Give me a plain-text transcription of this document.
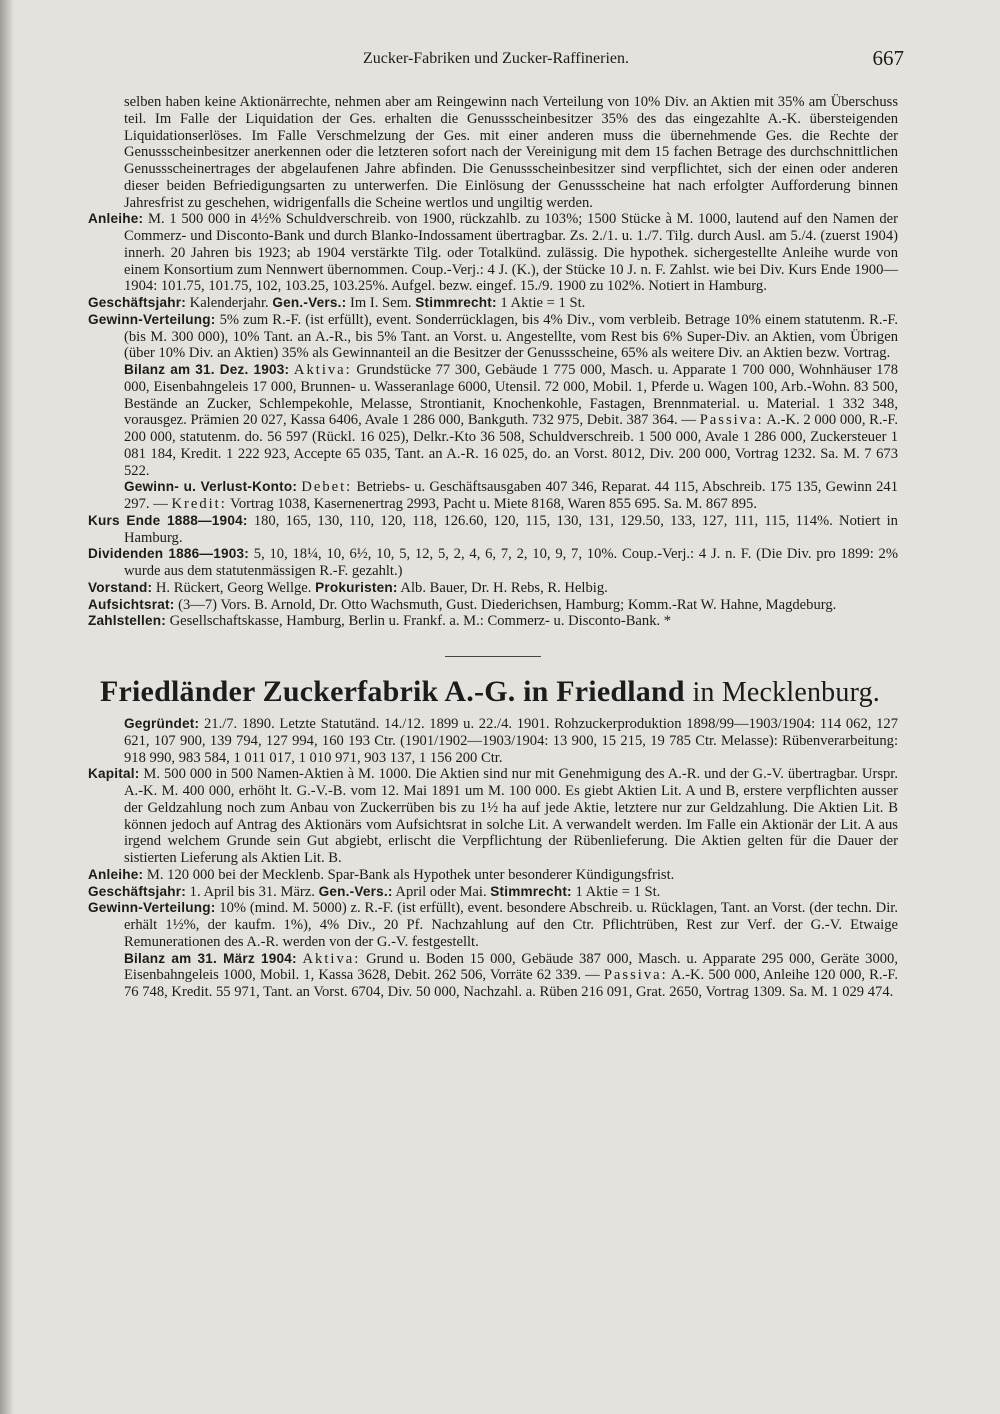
Zucker-Fabriken und Zucker-Raffinerien.	667

selben haben keine Aktionärrechte, nehmen aber am Reingewinn nach Verteilung von 10% Div. an Aktien mit 35% am Überschuss teil. Im Falle der Liquidation der Ges. erhalten die Genussscheinbesitzer 35% des das eingezahlte A.-K. übersteigenden Liquidationserlöses. Im Falle Verschmelzung der Ges. mit einer anderen muss die übernehmende Ges. die Rechte der Genussscheinbesitzer anerkennen oder die letzteren sofort nach der Vereinigung mit dem 15 fachen Betrage des durchschnittlichen Genussscheinertrages der abgelaufenen Jahre abfinden. Die Genussscheinbesitzer sind verpflichtet, sich der einen oder anderen dieser beiden Befriedigungsarten zu unterwerfen. Die Einlösung der Genussscheine hat nach erfolgter Aufforderung binnen Jahresfrist zu geschehen, widrigenfalls die Scheine wertlos und ungiltig werden.

Anleihe: M. 1 500 000 in 4½% Schuldverschreib. von 1900, rückzahlb. zu 103%; 1500 Stücke à M. 1000, lautend auf den Namen der Commerz- und Disconto-Bank und durch Blanko-Indossament übertragbar. Zs. 2./1. u. 1./7. Tilg. durch Ausl. am 5./4. (zuerst 1904) innerh. 20 Jahren bis 1923; ab 1904 verstärkte Tilg. oder Totalkünd. zulässig. Die hypothek. sichergestellte Anleihe wurde von einem Konsortium zum Nennwert übernommen. Coup.-Verj.: 4 J. (K.), der Stücke 10 J. n. F. Zahlst. wie bei Div. Kurs Ende 1900—1904: 101.75, 101.75, 102, 103.25, 103.25%. Aufgel. bezw. eingef. 15./9. 1900 zu 102%. Notiert in Hamburg.

Geschäftsjahr: Kalenderjahr. Gen.-Vers.: Im I. Sem. Stimmrecht: 1 Aktie = 1 St.

Gewinn-Verteilung: 5% zum R.-F. (ist erfüllt), event. Sonderrücklagen, bis 4% Div., vom verbleib. Betrage 10% einem statutenm. R.-F. (bis M. 300 000), 10% Tant. an A.-R., bis 5% Tant. an Vorst. u. Angestellte, vom Rest bis 6% Super-Div. an Aktien, vom Übrigen (über 10% Div. an Aktien) 35% als Gewinnanteil an die Besitzer der Genussscheine, 65% als weitere Div. an Aktien bezw. Vortrag.

Bilanz am 31. Dez. 1903: Aktiva: Grundstücke 77 300, Gebäude 1 775 000, Masch. u. Apparate 1 700 000, Wohnhäuser 178 000, Eisenbahngeleis 17 000, Brunnen- u. Wasseranlage 6000, Utensil. 72 000, Mobil. 1, Pferde u. Wagen 100, Arb.-Wohn. 83 500, Bestände an Zucker, Schlempekohle, Melasse, Strontianit, Knochenkohle, Fastagen, Brennmaterial. u. Material. 1 332 348, vorausgez. Prämien 20 027, Kassa 6406, Avale 1 286 000, Bankguth. 732 975, Debit. 387 364. — Passiva: A.-K. 2 000 000, R.-F. 200 000, statutenm. do. 56 597 (Rückl. 16 025), Delkr.-Kto 36 508, Schuldverschreib. 1 500 000, Avale 1 286 000, Zuckersteuer 1 081 184, Kredit. 1 222 923, Accepte 65 035, Tant. an A.-R. 16 025, do. an Vorst. 8012, Div. 200 000, Vortrag 1232. Sa. M. 7 673 522.

Gewinn- u. Verlust-Konto: Debet: Betriebs- u. Geschäftsausgaben 407 346, Reparat. 44 115, Abschreib. 175 135, Gewinn 241 297. — Kredit: Vortrag 1038, Kasernenertrag 2993, Pacht u. Miete 8168, Waren 855 695. Sa. M. 867 895.

Kurs Ende 1888—1904: 180, 165, 130, 110, 120, 118, 126.60, 120, 115, 130, 131, 129.50, 133, 127, 111, 115, 114%. Notiert in Hamburg.

Dividenden 1886—1903: 5, 10, 18¼, 10, 6½, 10, 5, 12, 5, 2, 4, 6, 7, 2, 10, 9, 7, 10%. Coup.-Verj.: 4 J. n. F. (Die Div. pro 1899: 2% wurde aus dem statutenmässigen R.-F. gezahlt.)

Vorstand: H. Rückert, Georg Wellge. Prokuristen: Alb. Bauer, Dr. H. Rebs, R. Helbig.

Aufsichtsrat: (3—7) Vors. B. Arnold, Dr. Otto Wachsmuth, Gust. Diederichsen, Hamburg; Komm.-Rat W. Hahne, Magdeburg.

Zahlstellen: Gesellschaftskasse, Hamburg, Berlin u. Frankf. a. M.: Commerz- u. Disconto-Bank. *

Friedländer Zuckerfabrik A.-G. in Friedland in Mecklenburg.

Gegründet: 21./7. 1890. Letzte Statutänd. 14./12. 1899 u. 22./4. 1901. Rohzuckerproduktion 1898/99—1903/1904: 114 062, 127 621, 107 900, 139 794, 127 994, 160 193 Ctr. (1901/1902—1903/1904: 13 900, 15 215, 19 785 Ctr. Melasse): Rübenverarbeitung: 918 990, 983 584, 1 011 017, 1 010 971, 903 137, 1 156 200 Ctr.

Kapital: M. 500 000 in 500 Namen-Aktien à M. 1000. Die Aktien sind nur mit Genehmigung des A.-R. und der G.-V. übertragbar. Urspr. A.-K. M. 400 000, erhöht lt. G.-V.-B. vom 12. Mai 1891 um M. 100 000. Es giebt Aktien Lit. A und B, erstere verpflichten ausser der Geldzahlung noch zum Anbau von Zuckerrüben bis zu 1½ ha auf jede Aktie, letztere nur zur Geldzahlung. Die Aktien Lit. B können jedoch auf Antrag des Aktionärs vom Aufsichtsrat in solche Lit. A verwandelt werden. Im Falle ein Aktionär der Lit. A aus irgend welchem Grunde sein Gut abgiebt, erlischt die Verpflichtung der Rübenlieferung. Die Aktien gelten für die Dauer der sistierten Lieferung als Aktien Lit. B.

Anleihe: M. 120 000 bei der Mecklenb. Spar-Bank als Hypothek unter besonderer Kündigungsfrist.

Geschäftsjahr: 1. April bis 31. März. Gen.-Vers.: April oder Mai. Stimmrecht: 1 Aktie = 1 St.

Gewinn-Verteilung: 10% (mind. M. 5000) z. R.-F. (ist erfüllt), event. besondere Abschreib. u. Rücklagen, Tant. an Vorst. (der techn. Dir. erhält 1½%, der kaufm. 1%), 4% Div., 20 Pf. Nachzahlung auf den Ctr. Pflichtrüben, Rest zur Verf. der G.-V. Etwaige Remunerationen des A.-R. werden von der G.-V. festgestellt.

Bilanz am 31. März 1904: Aktiva: Grund u. Boden 15 000, Gebäude 387 000, Masch. u. Apparate 295 000, Geräte 3000, Eisenbahngeleis 1000, Mobil. 1, Kassa 3628, Debit. 262 506, Vorräte 62 339. — Passiva: A.-K. 500 000, Anleihe 120 000, R.-F. 76 748, Kredit. 55 971, Tant. an Vorst. 6704, Div. 50 000, Nachzahl. a. Rüben 216 091, Grat. 2650, Vortrag 1309. Sa. M. 1 029 474.
